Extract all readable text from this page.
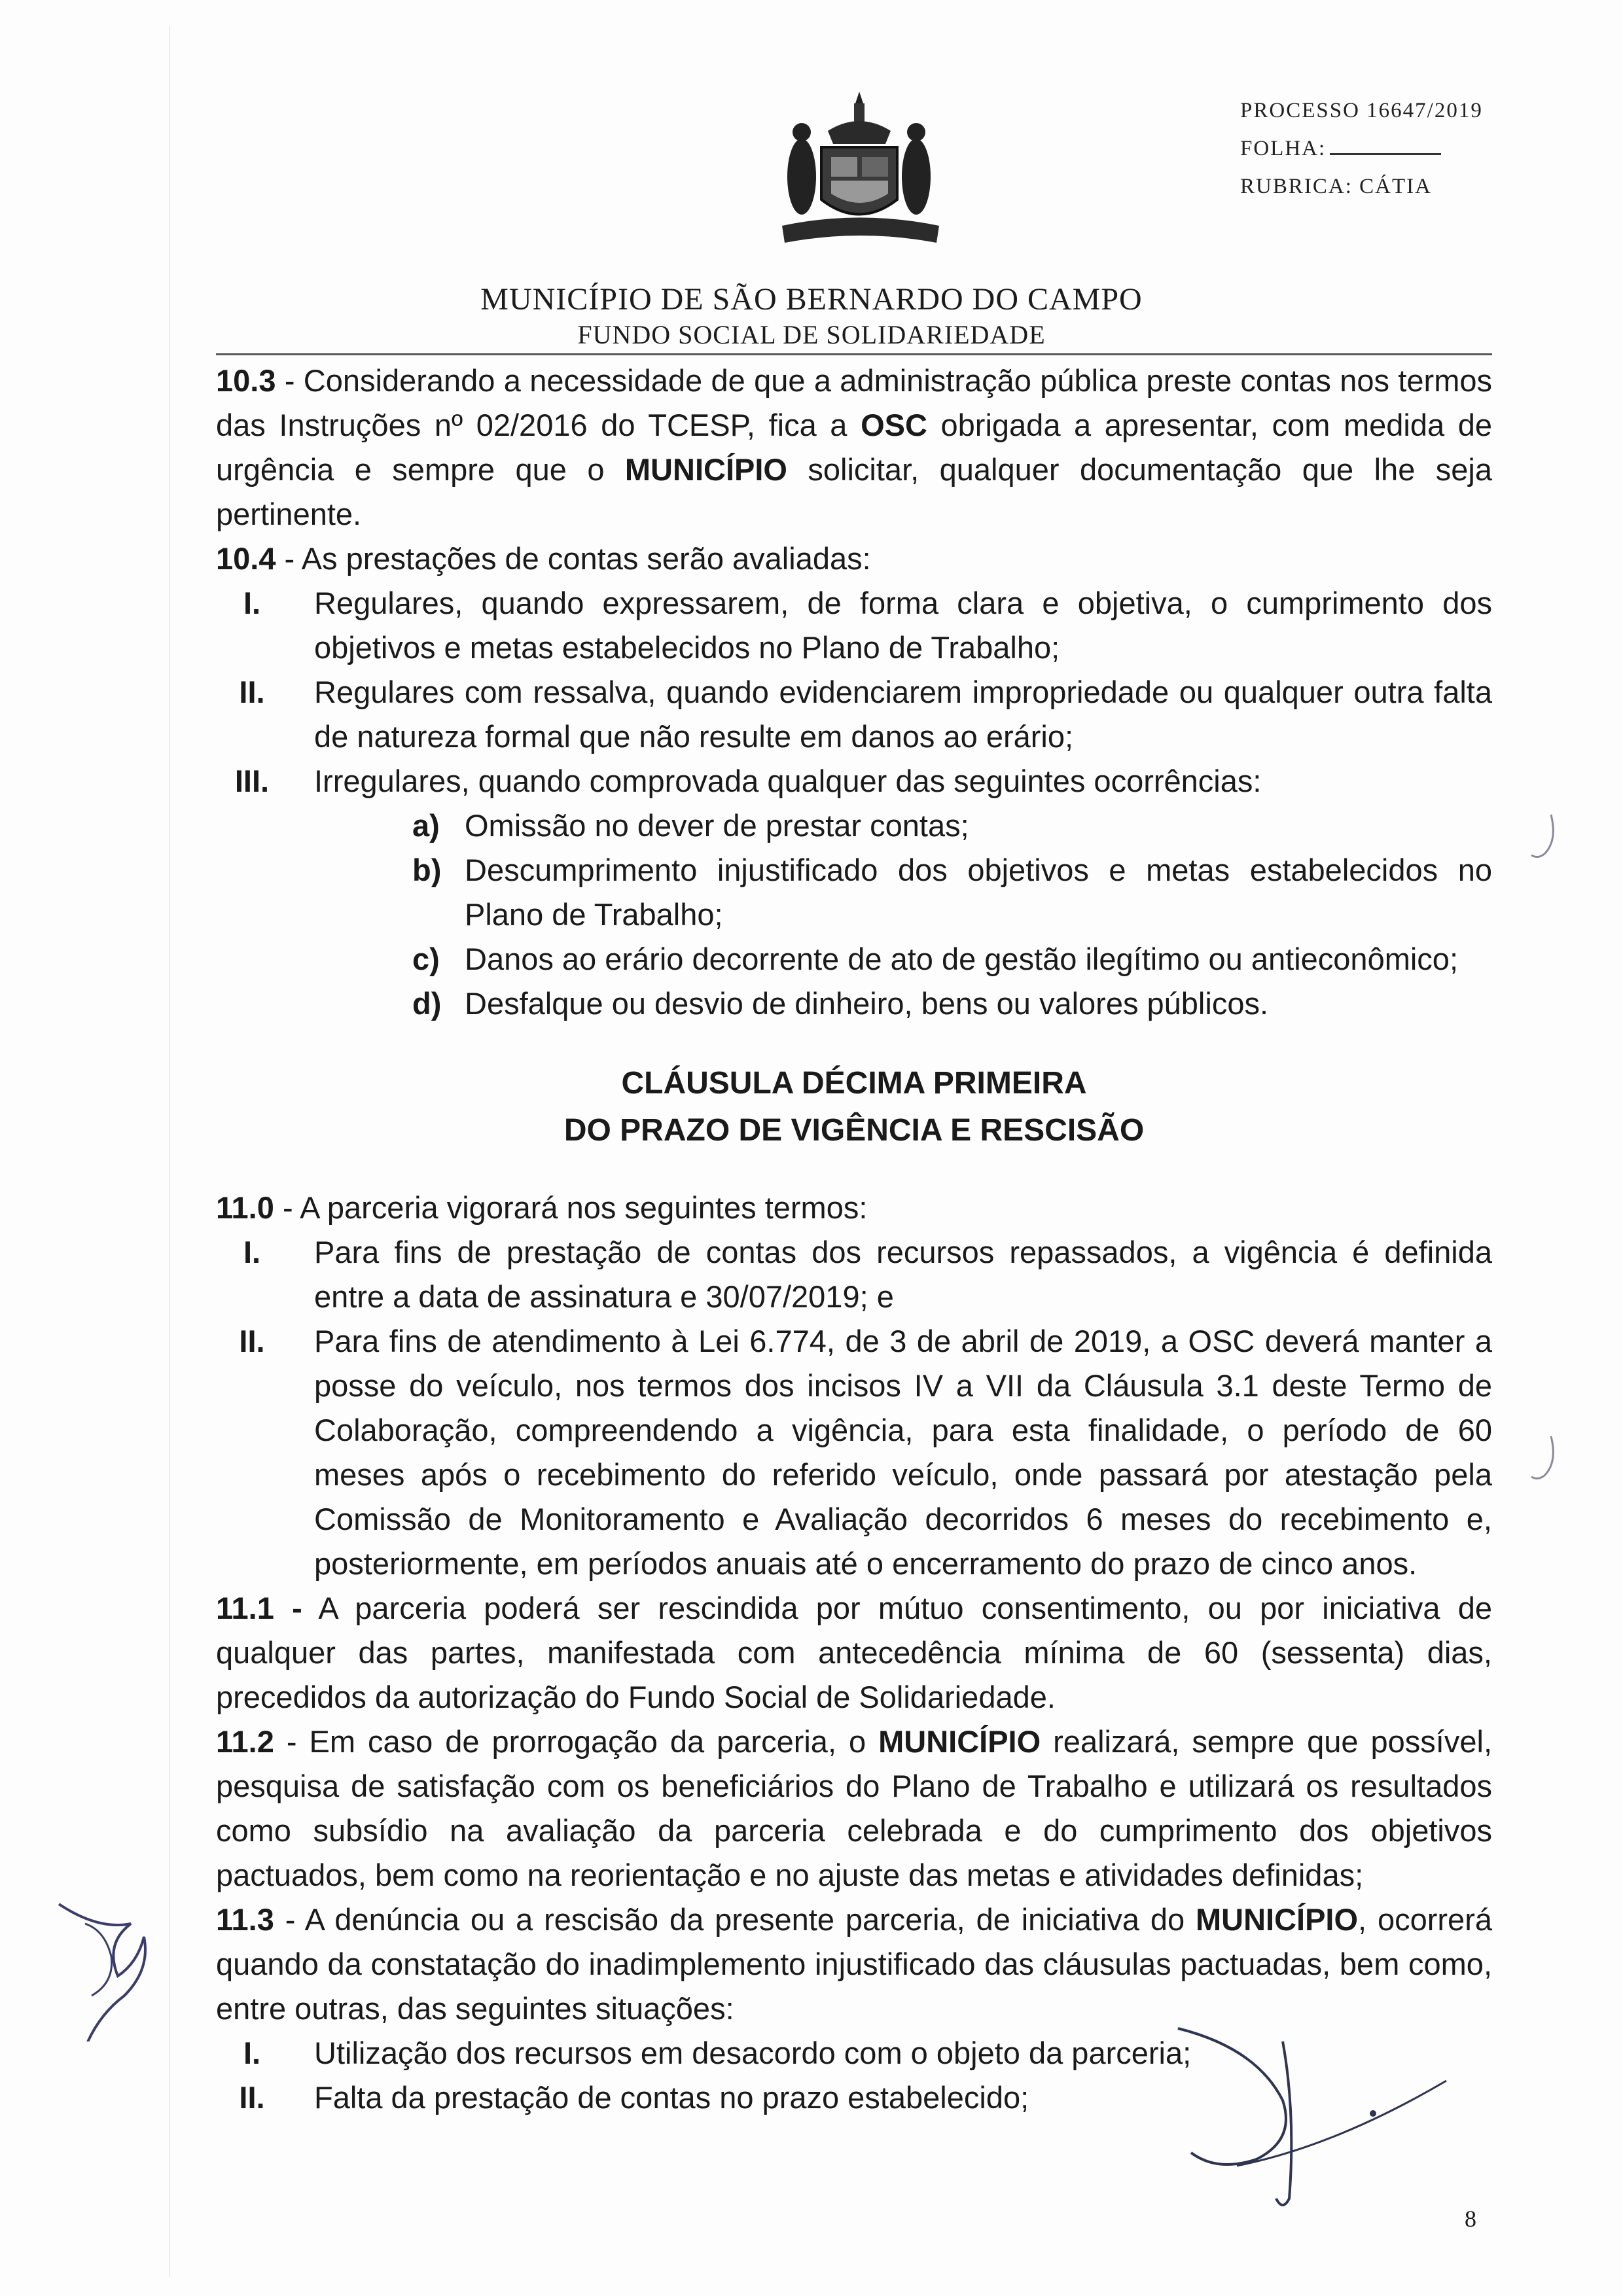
PROCESSO 16647/2019
FOLHA:
RUBRICA: CÁTIA
MUNICÍPIO DE SÃO BERNARDO DO CAMPO
FUNDO SOCIAL DE SOLIDARIEDADE

10.3 - Considerando a necessidade de que a administração pública preste contas nos termos das Instruções nº 02/2016 do TCESP, fica a OSC obrigada a apresentar, com medida de urgência e sempre que o MUNICÍPIO solicitar, qualquer documentação que lhe seja pertinente.

10.4 - As prestações de contas serão avaliadas:

I.	Regulares, quando expressarem, de forma clara e objetiva, o cumprimento dos objetivos e metas estabelecidos no Plano de Trabalho;
II.	Regulares com ressalva, quando evidenciarem impropriedade ou qualquer outra falta de natureza formal que não resulte em danos ao erário;
III.	Irregulares, quando comprovada qualquer das seguintes ocorrências:
a) Omissão no dever de prestar contas;
b) Descumprimento injustificado dos objetivos e metas estabelecidos no Plano de Trabalho;
c) Danos ao erário decorrente de ato de gestão ilegítimo ou antieconômico;
d) Desfalque ou desvio de dinheiro, bens ou valores públicos.
CLÁUSULA DÉCIMA PRIMEIRA
DO PRAZO DE VIGÊNCIA E RESCISÃO

11.0 - A parceria vigorará nos seguintes termos:

I.	Para fins de prestação de contas dos recursos repassados, a vigência é definida entre a data de assinatura e 30/07/2019; e
II.	Para fins de atendimento à Lei 6.774, de 3 de abril de 2019, a OSC deverá manter a posse do veículo, nos termos dos incisos IV a VII da Cláusula 3.1 deste Termo de Colaboração, compreendendo a vigência, para esta finalidade, o período de 60 meses após o recebimento do referido veículo, onde passará por atestação pela Comissão de Monitoramento e Avaliação decorridos 6 meses do recebimento e, posteriormente, em períodos anuais até o encerramento do prazo de cinco anos.

11.1 - A parceria poderá ser rescindida por mútuo consentimento, ou por iniciativa de qualquer das partes, manifestada com antecedência mínima de 60 (sessenta) dias, precedidos da autorização do Fundo Social de Solidariedade.

11.2 - Em caso de prorrogação da parceria, o MUNICÍPIO realizará, sempre que possível, pesquisa de satisfação com os beneficiários do Plano de Trabalho e utilizará os resultados como subsídio na avaliação da parceria celebrada e do cumprimento dos objetivos pactuados, bem como na reorientação e no ajuste das metas e atividades definidas;

11.3 - A denúncia ou a rescisão da presente parceria, de iniciativa do MUNICÍPIO, ocorrerá quando da constatação do inadimplemento injustificado das cláusulas pactuadas, bem como, entre outras, das seguintes situações:

I.	Utilização dos recursos em desacordo com o objeto da parceria;
II.	Falta da prestação de contas no prazo estabelecido;
8
